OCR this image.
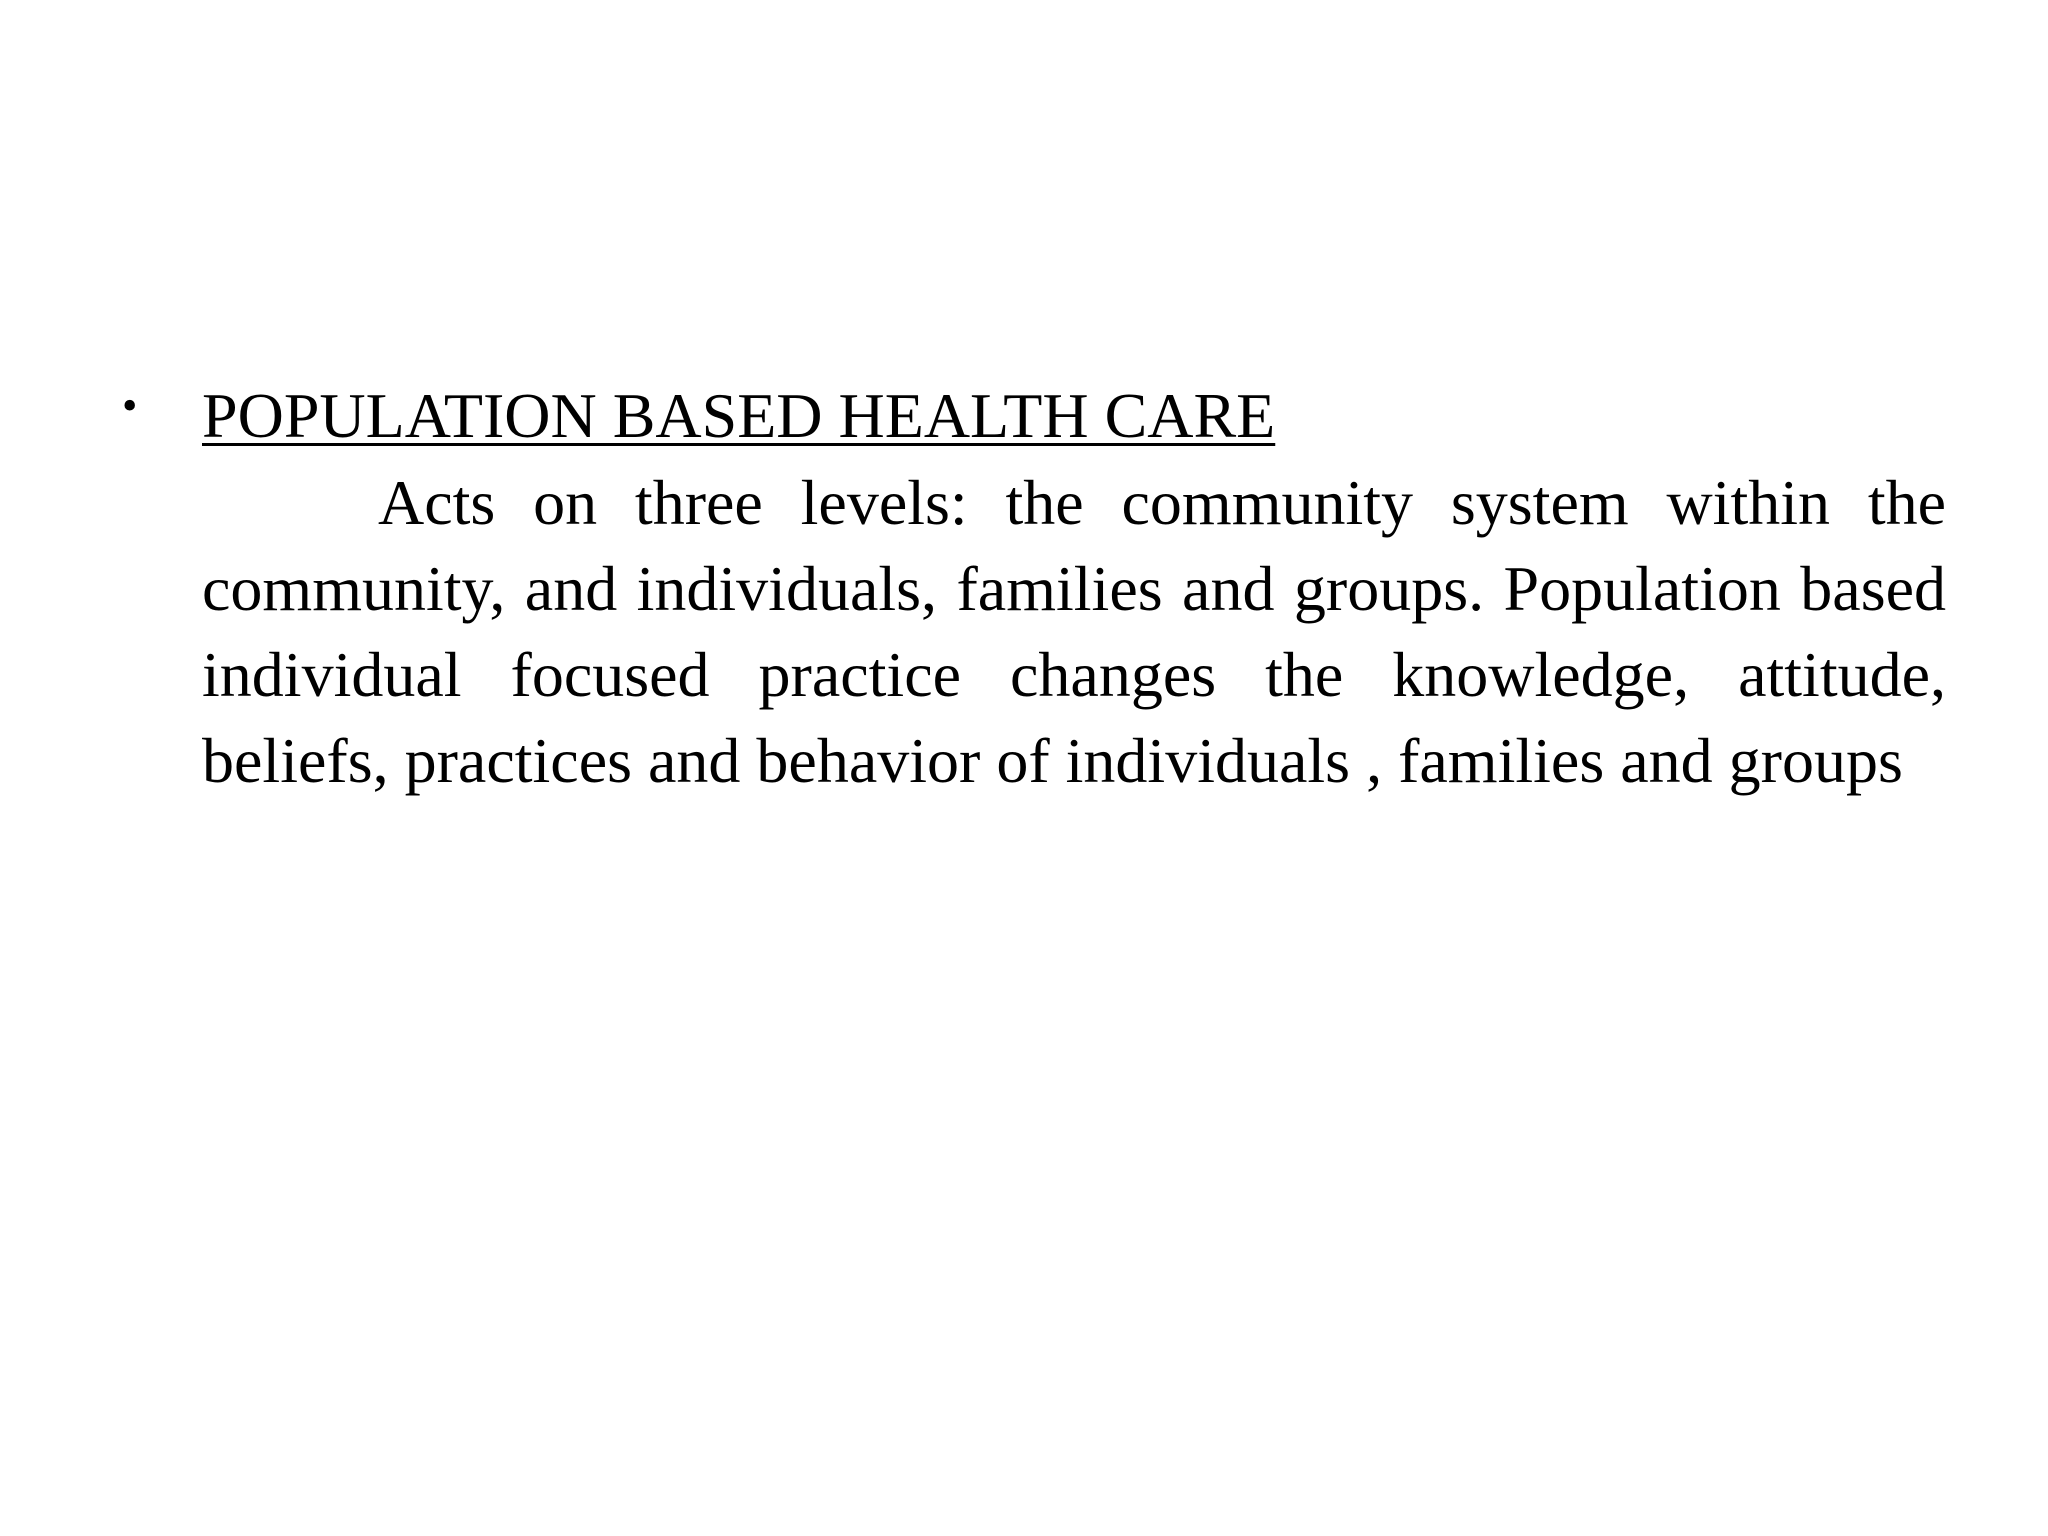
• POPULATION BASED HEALTH CARE

Acts on three levels: the community system within the community, and individuals, families and groups. Population based individual focused practice changes the knowledge, attitude, beliefs, practices and behavior of individuals , families and groups
